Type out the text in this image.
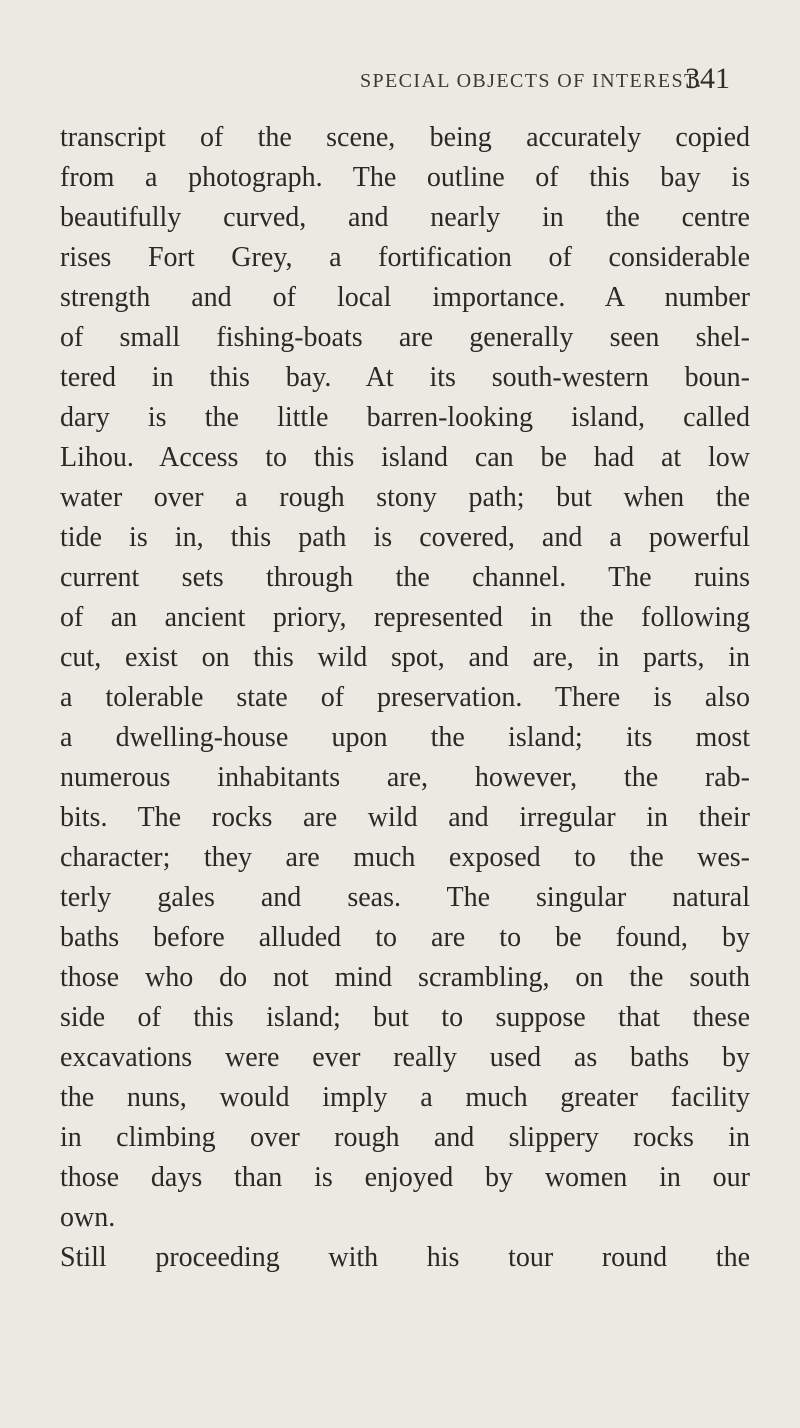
SPECIAL OBJECTS OF INTEREST.
341
transcript of the scene, being accurately copied
from a photograph. The outline of this bay is
beautifully curved, and nearly in the centre
rises Fort Grey, a fortification of considerable
strength and of local importance. A number
of small fishing-boats are generally seen shel-
tered in this bay. At its south-western boun-
dary is the little barren-looking island, called
Lihou. Access to this island can be had at low
water over a rough stony path; but when the
tide is in, this path is covered, and a powerful
current sets through the channel. The ruins
of an ancient priory, represented in the following
cut, exist on this wild spot, and are, in parts, in
a tolerable state of preservation. There is also
a dwelling-house upon the island; its most
numerous inhabitants are, however, the rab-
bits. The rocks are wild and irregular in their
character; they are much exposed to the wes-
terly gales and seas. The singular natural
baths before alluded to are to be found, by
those who do not mind scrambling, on the south
side of this island; but to suppose that these
excavations were ever really used as baths by
the nuns, would imply a much greater facility
in climbing over rough and slippery rocks in
those days than is enjoyed by women in our
own.
Still proceeding with his tour round the
